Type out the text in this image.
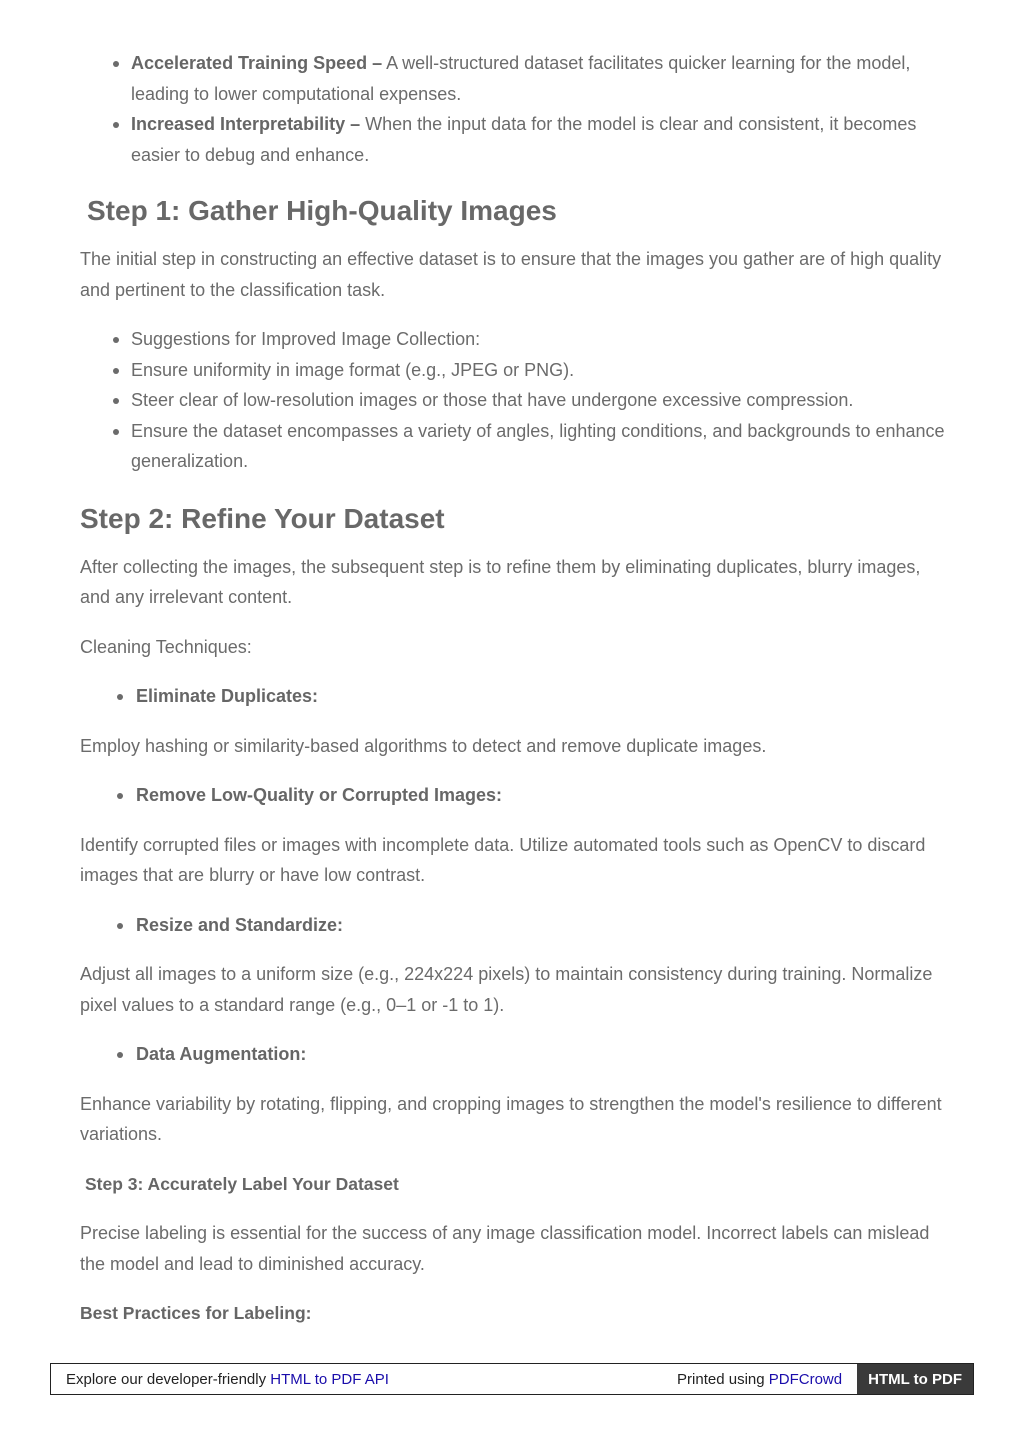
Accelerated Training Speed – A well-structured dataset facilitates quicker learning for the model, leading to lower computational expenses.
Increased Interpretability – When the input data for the model is clear and consistent, it becomes easier to debug and enhance.
Step 1: Gather High-Quality Images

The initial step in constructing an effective dataset is to ensure that the images you gather are of high quality and pertinent to the classification task.

Suggestions for Improved Image Collection:
Ensure uniformity in image format (e.g., JPEG or PNG).
Steer clear of low-resolution images or those that have undergone excessive compression.
Ensure the dataset encompasses a variety of angles, lighting conditions, and backgrounds to enhance generalization.
Step 2: Refine Your Dataset

After collecting the images, the subsequent step is to refine them by eliminating duplicates, blurry images, and any irrelevant content.

Cleaning Techniques:

Eliminate Duplicates:

Employ hashing or similarity-based algorithms to detect and remove duplicate images.

Remove Low-Quality or Corrupted Images:

Identify corrupted files or images with incomplete data. Utilize automated tools such as OpenCV to discard images that are blurry or have low contrast.

Resize and Standardize:

Adjust all images to a uniform size (e.g., 224x224 pixels) to maintain consistency during training. Normalize pixel values to a standard range (e.g., 0–1 or -1 to 1).

Data Augmentation:

Enhance variability by rotating, flipping, and cropping images to strengthen the model's resilience to different variations.

Step 3: Accurately Label Your Dataset

Precise labeling is essential for the success of any image classification model. Incorrect labels can mislead the model and lead to diminished accuracy.

Best Practices for Labeling:

Explore our developer-friendly HTML to PDF API	Printed using PDFCrowd	HTML to PDF
